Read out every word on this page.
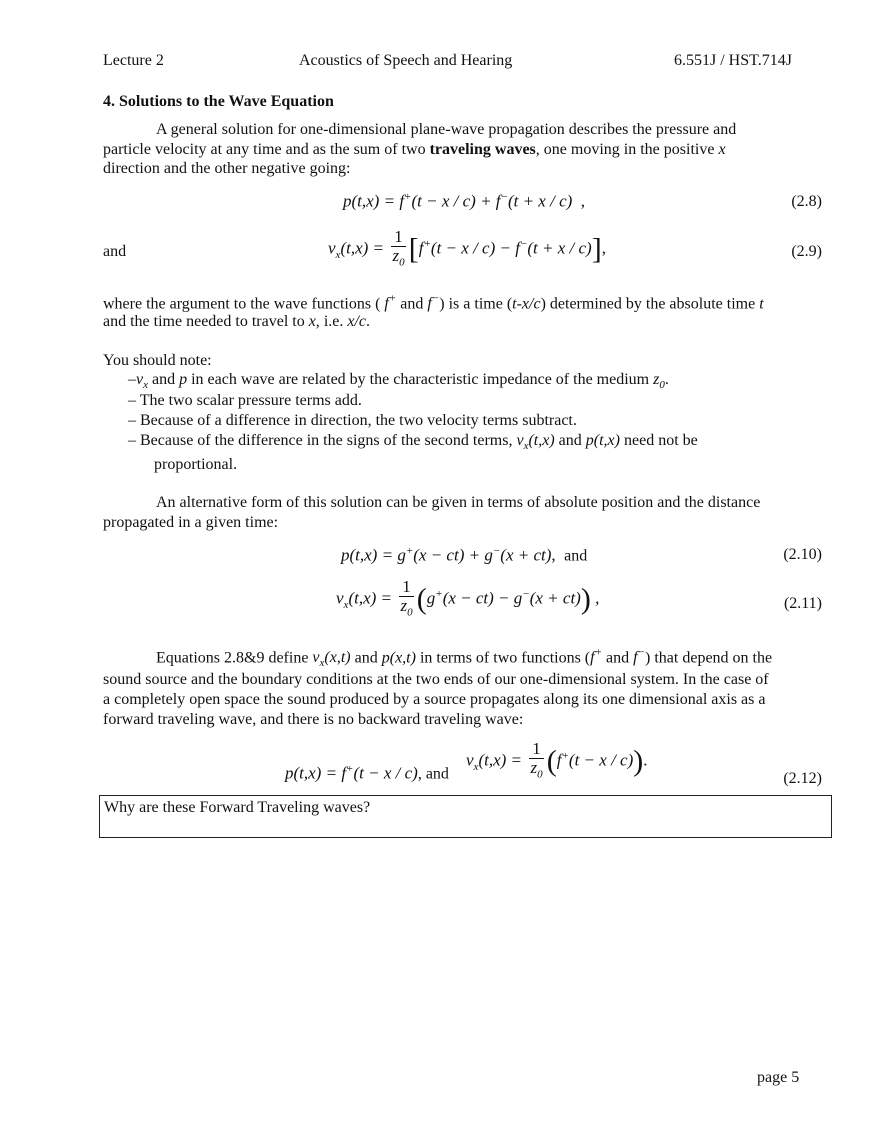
Lecture 2	Acoustics of Speech and Hearing	6.551J / HST.714J
4. Solutions to the Wave Equation
A general solution for one-dimensional plane-wave propagation describes the pressure and
particle velocity at any time and as the sum of two traveling waves, one moving in the positive x
direction and the other negative going:
p(t,x) = f+(t − x / c) + f−(t + x / c)  ,	(2.8)
and	$v_x(t,x) = \frac{1}{z_0} [f^+(t - x / c) - f^-(t + x / c)]$,	(2.9)
where the argument to the wave functions ( f+ and f−) is a time (t-x/c) determined by the absolute time t
and the time needed to travel to x, i.e. x/c.
You should note:
$-v_x$ and p in each wave are related by the characteristic impedance of the medium $z_0$.
– The two scalar pressure terms add.
– Because of a difference in direction, the two velocity terms subtract.
– Because of the difference in the signs of the second terms, $v_x(t,x)$ and p(t,x) need not be
proportional.
An alternative form of this solution can be given in terms of absolute position and the distance
propagated in a given time:
p(t,x) = g+(x − ct) + g−(x + ct),  and	(2.10)
$v_x(t,x) = \frac{1}{z_0} (g^+(x - ct) - g^-(x + ct))$ ,	(2.11)
Equations 2.8&9 define $v_x(x,t)$ and p(x,t) in terms of two functions (f+ and f−) that depend on the
sound source and the boundary conditions at the two ends of our one-dimensional system. In the case of
a completely open space the sound produced by a source propagates along its one dimensional axis as a
forward traveling wave, and there is no backward traveling wave:
p(t,x) = f+(t − x / c), and
$v_x(t,x) = \frac{1}{z_0} (f^+(t - x / c))$.
(2.12)
Why are these Forward Traveling waves?
page 5
